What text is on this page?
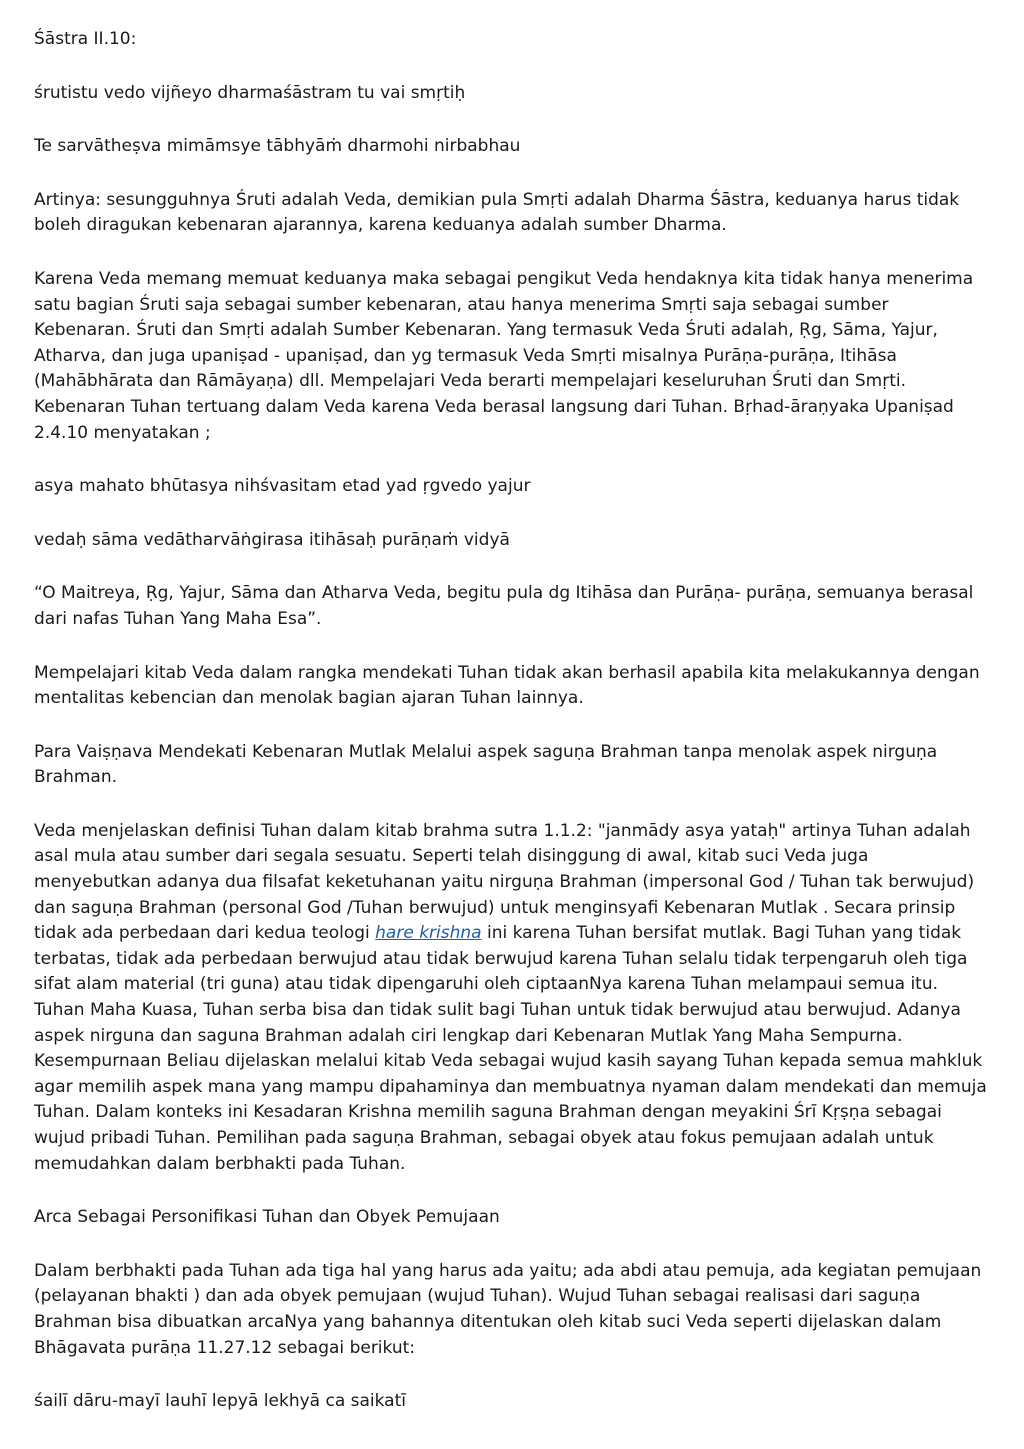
Śāstra II.10:

śrutistu vedo vijñeyo dharmaśāstram tu vai smṛtiḥ

Te sarvātheṣva mimāmsye tābhyāṁ dharmohi nirbabhau

Artinya: sesungguhnya Śruti adalah Veda, demikian pula Smṛti adalah Dharma Śāstra, keduanya harus tidak boleh diragukan kebenaran ajarannya, karena keduanya adalah sumber Dharma.

Karena Veda memang memuat keduanya maka sebagai pengikut Veda hendaknya kita tidak hanya menerima satu bagian Śruti saja sebagai sumber kebenaran, atau hanya menerima Smṛti saja sebagai sumber Kebenaran. Śruti dan Smṛti adalah Sumber Kebenaran. Yang termasuk Veda Śruti adalah, Ṛg, Sāma, Yajur, Atharva, dan juga upaniṣad - upaniṣad, dan yg termasuk Veda Smṛti misalnya Purāṇa-purāṇa, Itihāsa (Mahābhārata dan Rāmāyaṇa) dll. Mempelajari Veda berarti mempelajari keseluruhan Śruti dan Smṛti. Kebenaran Tuhan tertuang dalam Veda karena Veda berasal langsung dari Tuhan. Bṛhad-āraṇyaka Upaniṣad 2.4.10 menyatakan ;

asya mahato bhūtasya nihśvasitam etad yad ṛgvedo yajur

vedaḥ sāma vedātharvāṅgirasa itihāsaḥ purāṇaṁ vidyā

“O Maitreya, Ṛg, Yajur, Sāma dan Atharva Veda, begitu pula dg Itihāsa dan Purāṇa- purāṇa, semuanya berasal dari nafas Tuhan Yang Maha Esa”.

Mempelajari kitab Veda dalam rangka mendekati Tuhan tidak akan berhasil apabila kita melakukannya dengan mentalitas kebencian dan menolak bagian ajaran Tuhan lainnya.

Para Vaiṣṇava Mendekati Kebenaran Mutlak Melalui aspek saguṇa Brahman tanpa menolak aspek nirguṇa Brahman.

Veda menjelaskan definisi Tuhan dalam kitab brahma sutra 1.1.2: "janmādy asya yataḥ" artinya Tuhan adalah asal mula atau sumber dari segala sesuatu. Seperti telah disinggung di awal, kitab suci Veda juga menyebutkan adanya dua filsafat keketuhanan yaitu nirguṇa Brahman (impersonal God / Tuhan tak berwujud) dan saguṇa Brahman (personal God /Tuhan berwujud) untuk menginsyafi Kebenaran Mutlak . Secara prinsip tidak ada perbedaan dari kedua teologi hare krishna ini karena Tuhan bersifat mutlak. Bagi Tuhan yang tidak terbatas, tidak ada perbedaan berwujud atau tidak berwujud karena Tuhan selalu tidak terpengaruh oleh tiga sifat alam material (tri guna) atau tidak dipengaruhi oleh ciptaanNya karena Tuhan melampaui semua itu. Tuhan Maha Kuasa, Tuhan serba bisa dan tidak sulit bagi Tuhan untuk tidak berwujud atau berwujud. Adanya aspek nirguna dan saguna Brahman adalah ciri lengkap dari Kebenaran Mutlak Yang Maha Sempurna. Kesempurnaan Beliau dijelaskan melalui kitab Veda sebagai wujud kasih sayang Tuhan kepada semua mahkluk agar memilih aspek mana yang mampu dipahaminya dan membuatnya nyaman dalam mendekati dan memuja Tuhan. Dalam konteks ini Kesadaran Krishna memilih saguna Brahman dengan meyakini Śrī Kṛṣṇa sebagai wujud pribadi Tuhan. Pemilihan pada saguṇa Brahman, sebagai obyek atau fokus pemujaan adalah untuk memudahkan dalam berbhakti pada Tuhan.

Arca Sebagai Personifikasi Tuhan dan Obyek Pemujaan

Dalam berbhakti pada Tuhan ada tiga hal yang harus ada yaitu; ada abdi atau pemuja, ada kegiatan pemujaan (pelayanan bhakti ) dan ada obyek pemujaan (wujud Tuhan). Wujud Tuhan sebagai realisasi dari saguṇa Brahman bisa dibuatkan arcaNya yang bahannya ditentukan oleh kitab suci Veda seperti dijelaskan dalam Bhāgavata purāṇa 11.27.12 sebagai berikut:

śailī dāru-mayī lauhī lepyā lekhyā ca saikatī
